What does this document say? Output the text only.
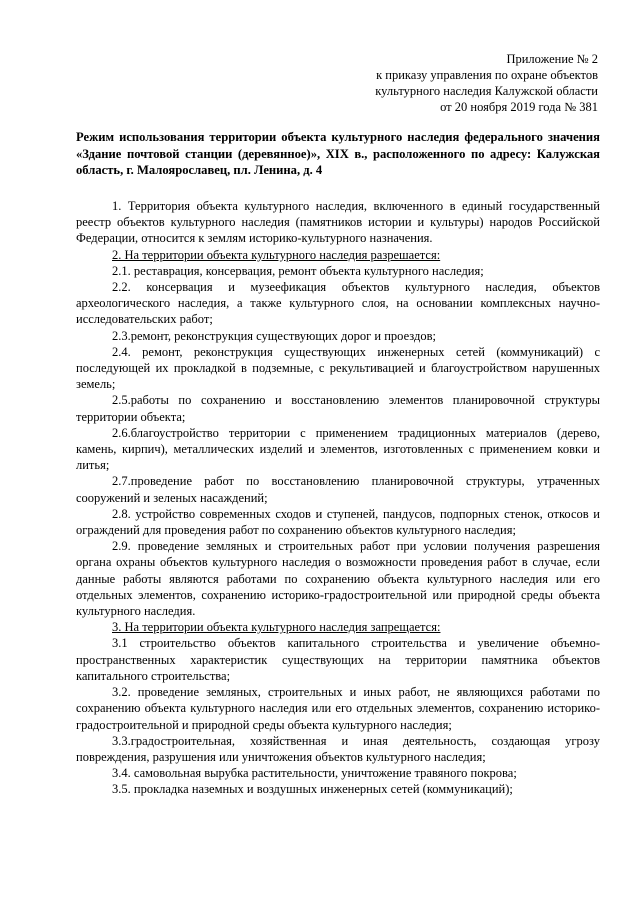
Приложение № 2
к приказу управления по охране объектов
культурного наследия Калужской области
от 20 ноября 2019 года № 381
Режим использования территории объекта культурного наследия федерального значения «Здание почтовой станции (деревянное)», XIX в., расположенного по адресу: Калужская область, г. Малоярославец, пл. Ленина, д. 4

1. Территория объекта культурного наследия, включенного в единый государственный реестр объектов культурного наследия (памятников истории и культуры) народов Российской Федерации, относится к землям историко-культурного назначения.

2. На территории объекта культурного наследия разрешается:

2.1. реставрация, консервация, ремонт объекта культурного наследия;

2.2. консервация и музеефикация объектов культурного наследия, объектов археологического наследия, а также культурного слоя, на основании комплексных научно-исследовательских работ;

2.3.ремонт, реконструкция существующих дорог и проездов;

2.4. ремонт, реконструкция существующих инженерных сетей (коммуникаций) с последующей их прокладкой в подземные, с рекультивацией и благоустройством нарушенных земель;

2.5.работы по сохранению и восстановлению элементов планировочной структуры территории объекта;

2.6.благоустройство территории с применением традиционных материалов (дерево, камень, кирпич), металлических изделий и элементов, изготовленных с применением ковки и литья;

2.7.проведение работ по восстановлению планировочной структуры, утраченных сооружений и зеленых насаждений;

2.8. устройство современных сходов и ступеней, пандусов, подпорных стенок, откосов и ограждений для проведения работ по сохранению объектов культурного наследия;

2.9. проведение земляных и строительных работ при условии получения разрешения органа охраны объектов культурного наследия о возможности проведения работ в случае, если данные работы являются работами по сохранению объекта культурного наследия или его отдельных элементов, сохранению историко-градостроительной или природной среды объекта культурного наследия.

3. На территории объекта культурного наследия запрещается:

3.1 строительство объектов капитального строительства и увеличение объемно-пространственных характеристик существующих на территории памятника объектов капитального строительства;

3.2. проведение земляных, строительных и иных работ, не являющихся работами по сохранению объекта культурного наследия или его отдельных элементов, сохранению историко-градостроительной и природной среды объекта культурного наследия;

3.3.градостроительная, хозяйственная и иная деятельность, создающая угрозу повреждения, разрушения или уничтожения объектов культурного наследия;

3.4. самовольная вырубка растительности, уничтожение травяного покрова;

3.5. прокладка наземных и воздушных инженерных сетей (коммуникаций);
